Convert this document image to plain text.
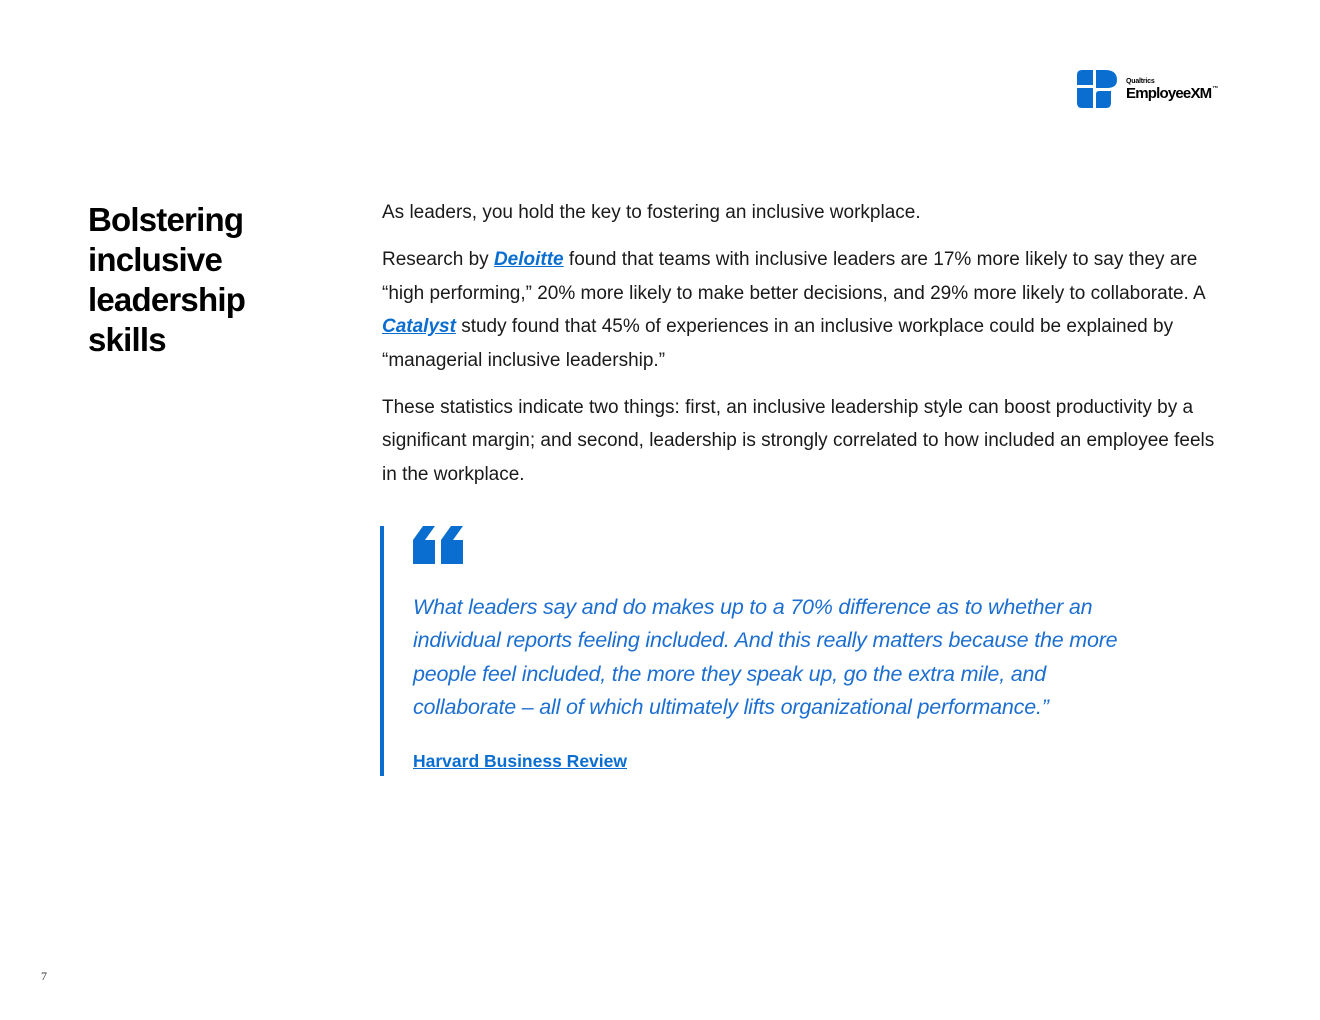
Qualtrics
EmployeeXM™
Bolstering inclusive leadership skills

As leaders, you hold the key to fostering an inclusive workplace.

Research by Deloitte found that teams with inclusive leaders are 17% more likely to say they are “high performing,” 20% more likely to make better decisions, and 29% more likely to collaborate. A Catalyst study found that 45% of experiences in an inclusive workplace could be explained by “managerial inclusive leadership.”

These statistics indicate two things: first, an inclusive leadership style can boost productivity by a significant margin; and second, leadership is strongly correlated to how included an employee feels in the workplace.

What leaders say and do makes up to a 70% difference as to whether an individual reports feeling included. And this really matters because the more people feel included, the more they speak up, go the extra mile, and collaborate – all of which ultimately lifts organizational performance.”

Harvard Business Review
7
